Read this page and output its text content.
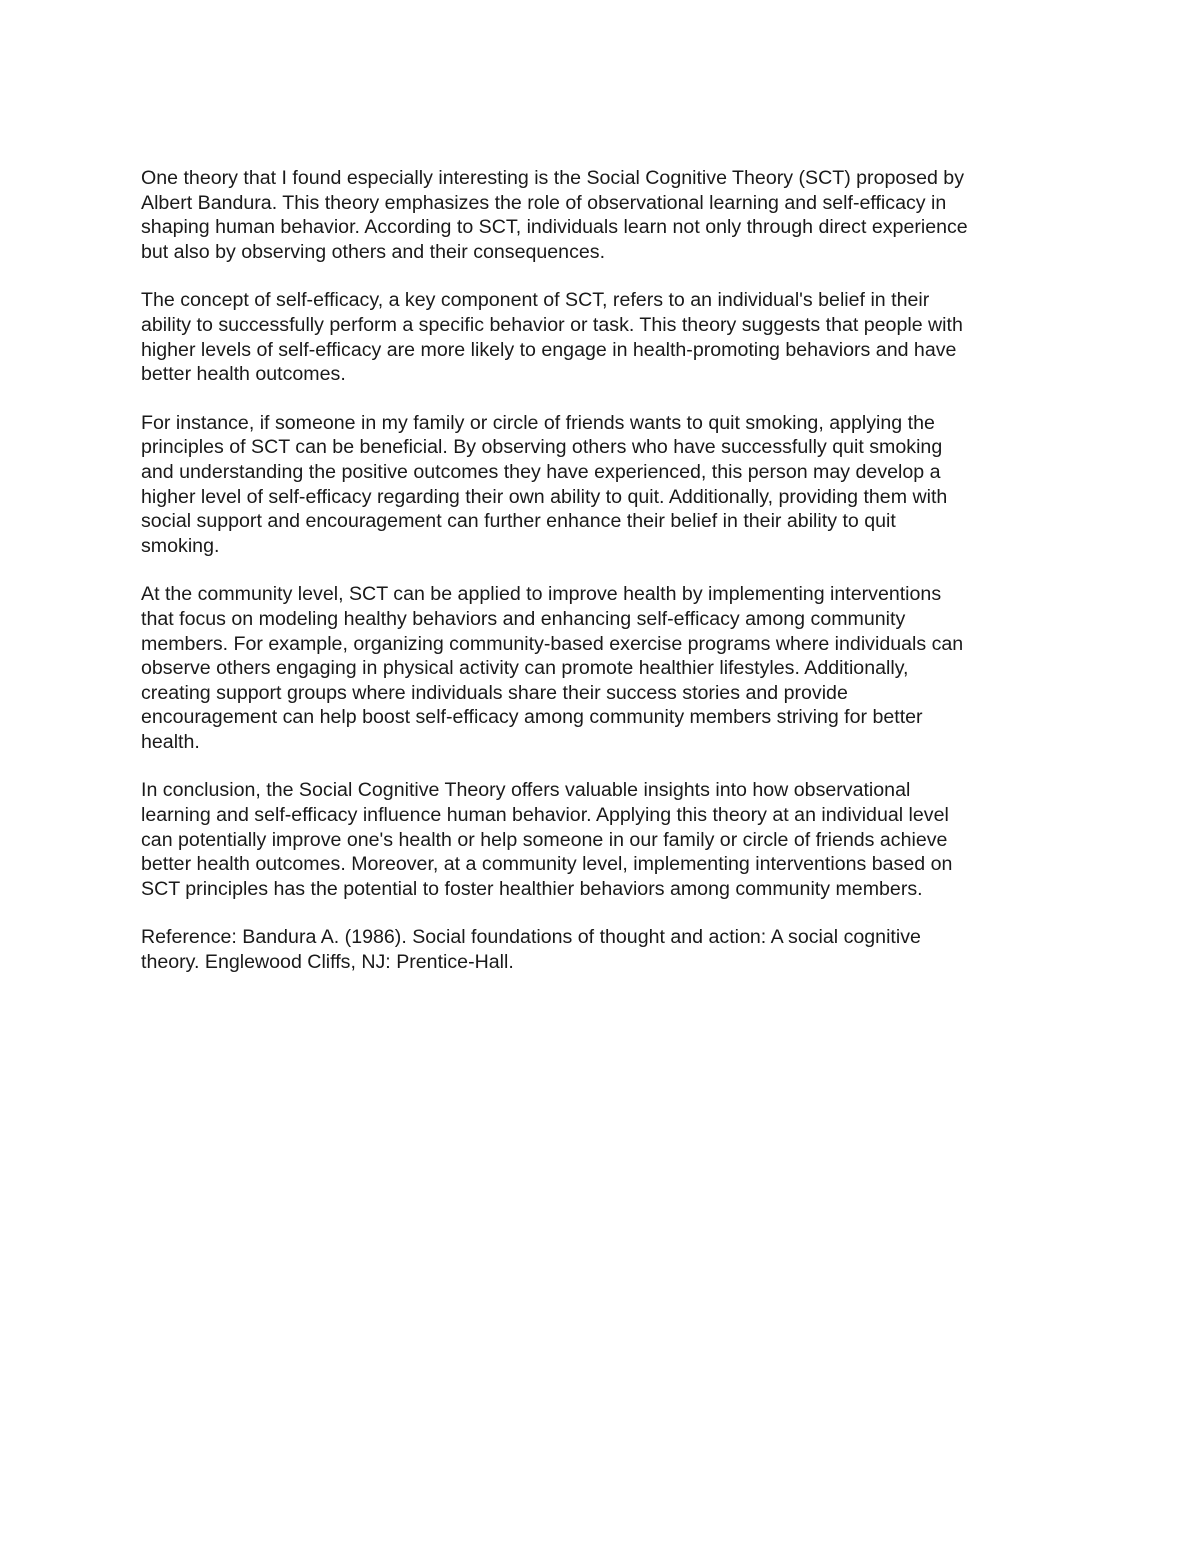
One theory that I found especially interesting is the Social Cognitive Theory (SCT) proposed by
Albert Bandura. This theory emphasizes the role of observational learning and self-efficacy in
shaping human behavior. According to SCT, individuals learn not only through direct experience
but also by observing others and their consequences.

The concept of self-efficacy, a key component of SCT, refers to an individual's belief in their
ability to successfully perform a specific behavior or task. This theory suggests that people with
higher levels of self-efficacy are more likely to engage in health-promoting behaviors and have
better health outcomes.

For instance, if someone in my family or circle of friends wants to quit smoking, applying the
principles of SCT can be beneficial. By observing others who have successfully quit smoking
and understanding the positive outcomes they have experienced, this person may develop a
higher level of self-efficacy regarding their own ability to quit. Additionally, providing them with
social support and encouragement can further enhance their belief in their ability to quit
smoking.

At the community level, SCT can be applied to improve health by implementing interventions
that focus on modeling healthy behaviors and enhancing self-efficacy among community
members. For example, organizing community-based exercise programs where individuals can
observe others engaging in physical activity can promote healthier lifestyles. Additionally,
creating support groups where individuals share their success stories and provide
encouragement can help boost self-efficacy among community members striving for better
health.

In conclusion, the Social Cognitive Theory offers valuable insights into how observational
learning and self-efficacy influence human behavior. Applying this theory at an individual level
can potentially improve one's health or help someone in our family or circle of friends achieve
better health outcomes. Moreover, at a community level, implementing interventions based on
SCT principles has the potential to foster healthier behaviors among community members.

Reference: Bandura A. (1986). Social foundations of thought and action: A social cognitive
theory. Englewood Cliffs, NJ: Prentice-Hall.
